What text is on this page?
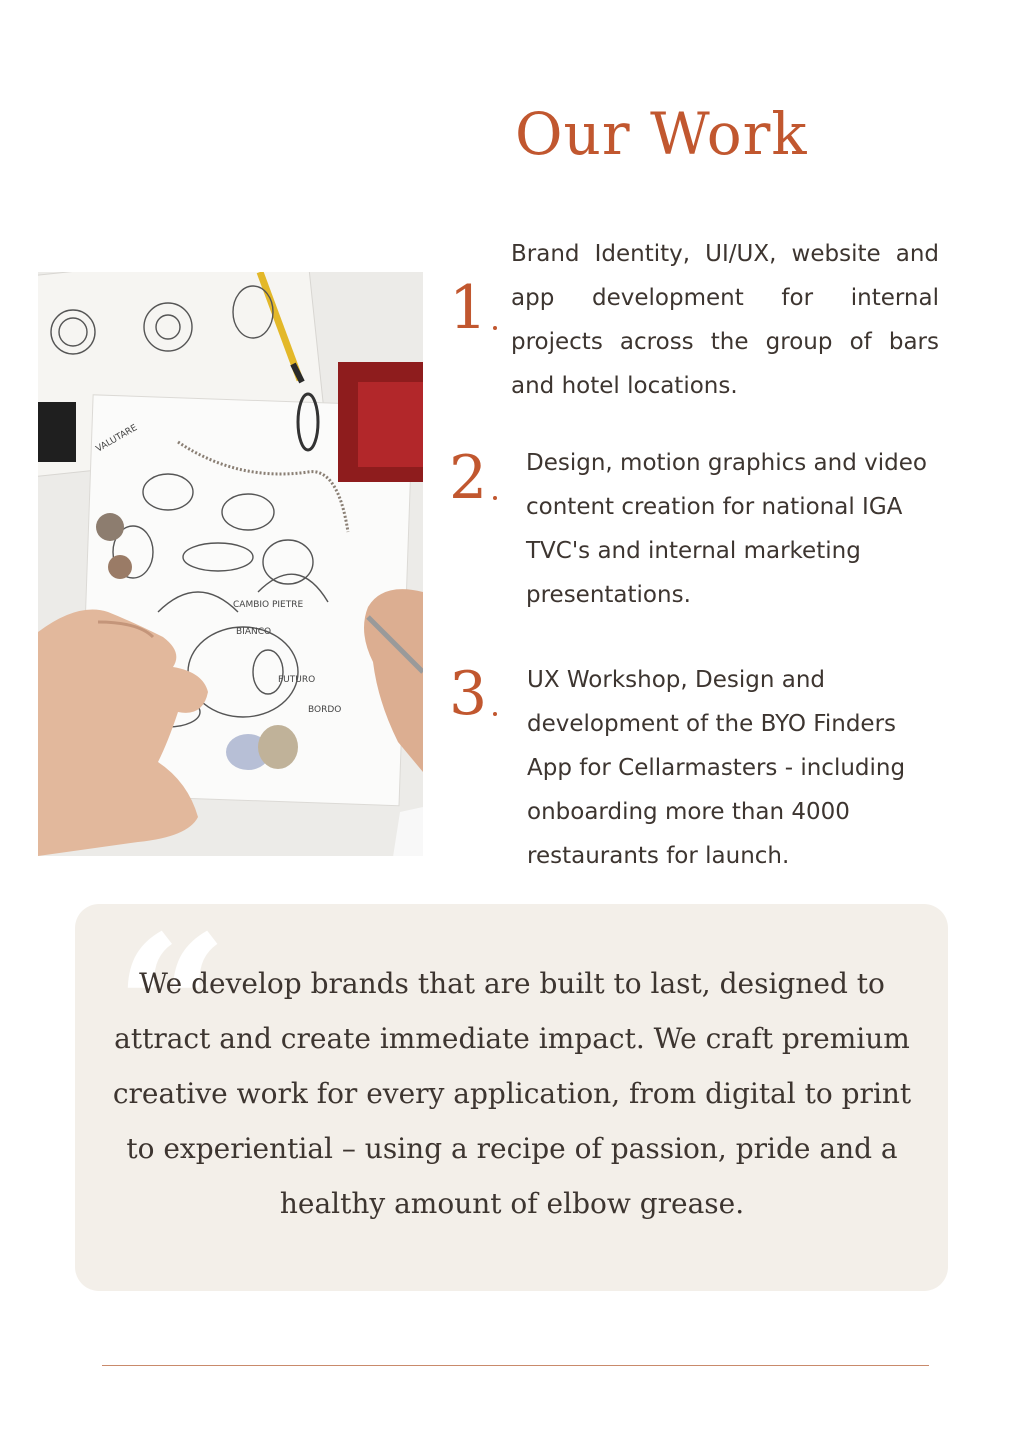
Our Work
VALUTARE
CAMBIO PIETRE
BIANCO
BORDO
FUTURO
1

Brand Identity, UI/UX, website and app development for internal projects across the group of bars and hotel locations.

2 Design, motion graphics and video content creation for national IGA TVC's and internal marketing presentations.

3 UX Workshop, Design and development of the BYO Finders App for Cellarmasters - including onboarding more than 4000 restaurants for launch.

“

We develop brands that are built to last, designed to attract and create immediate impact. We craft premium creative work for every application, from digital to print to experiential – using a recipe of passion, pride and a healthy amount of elbow grease.
